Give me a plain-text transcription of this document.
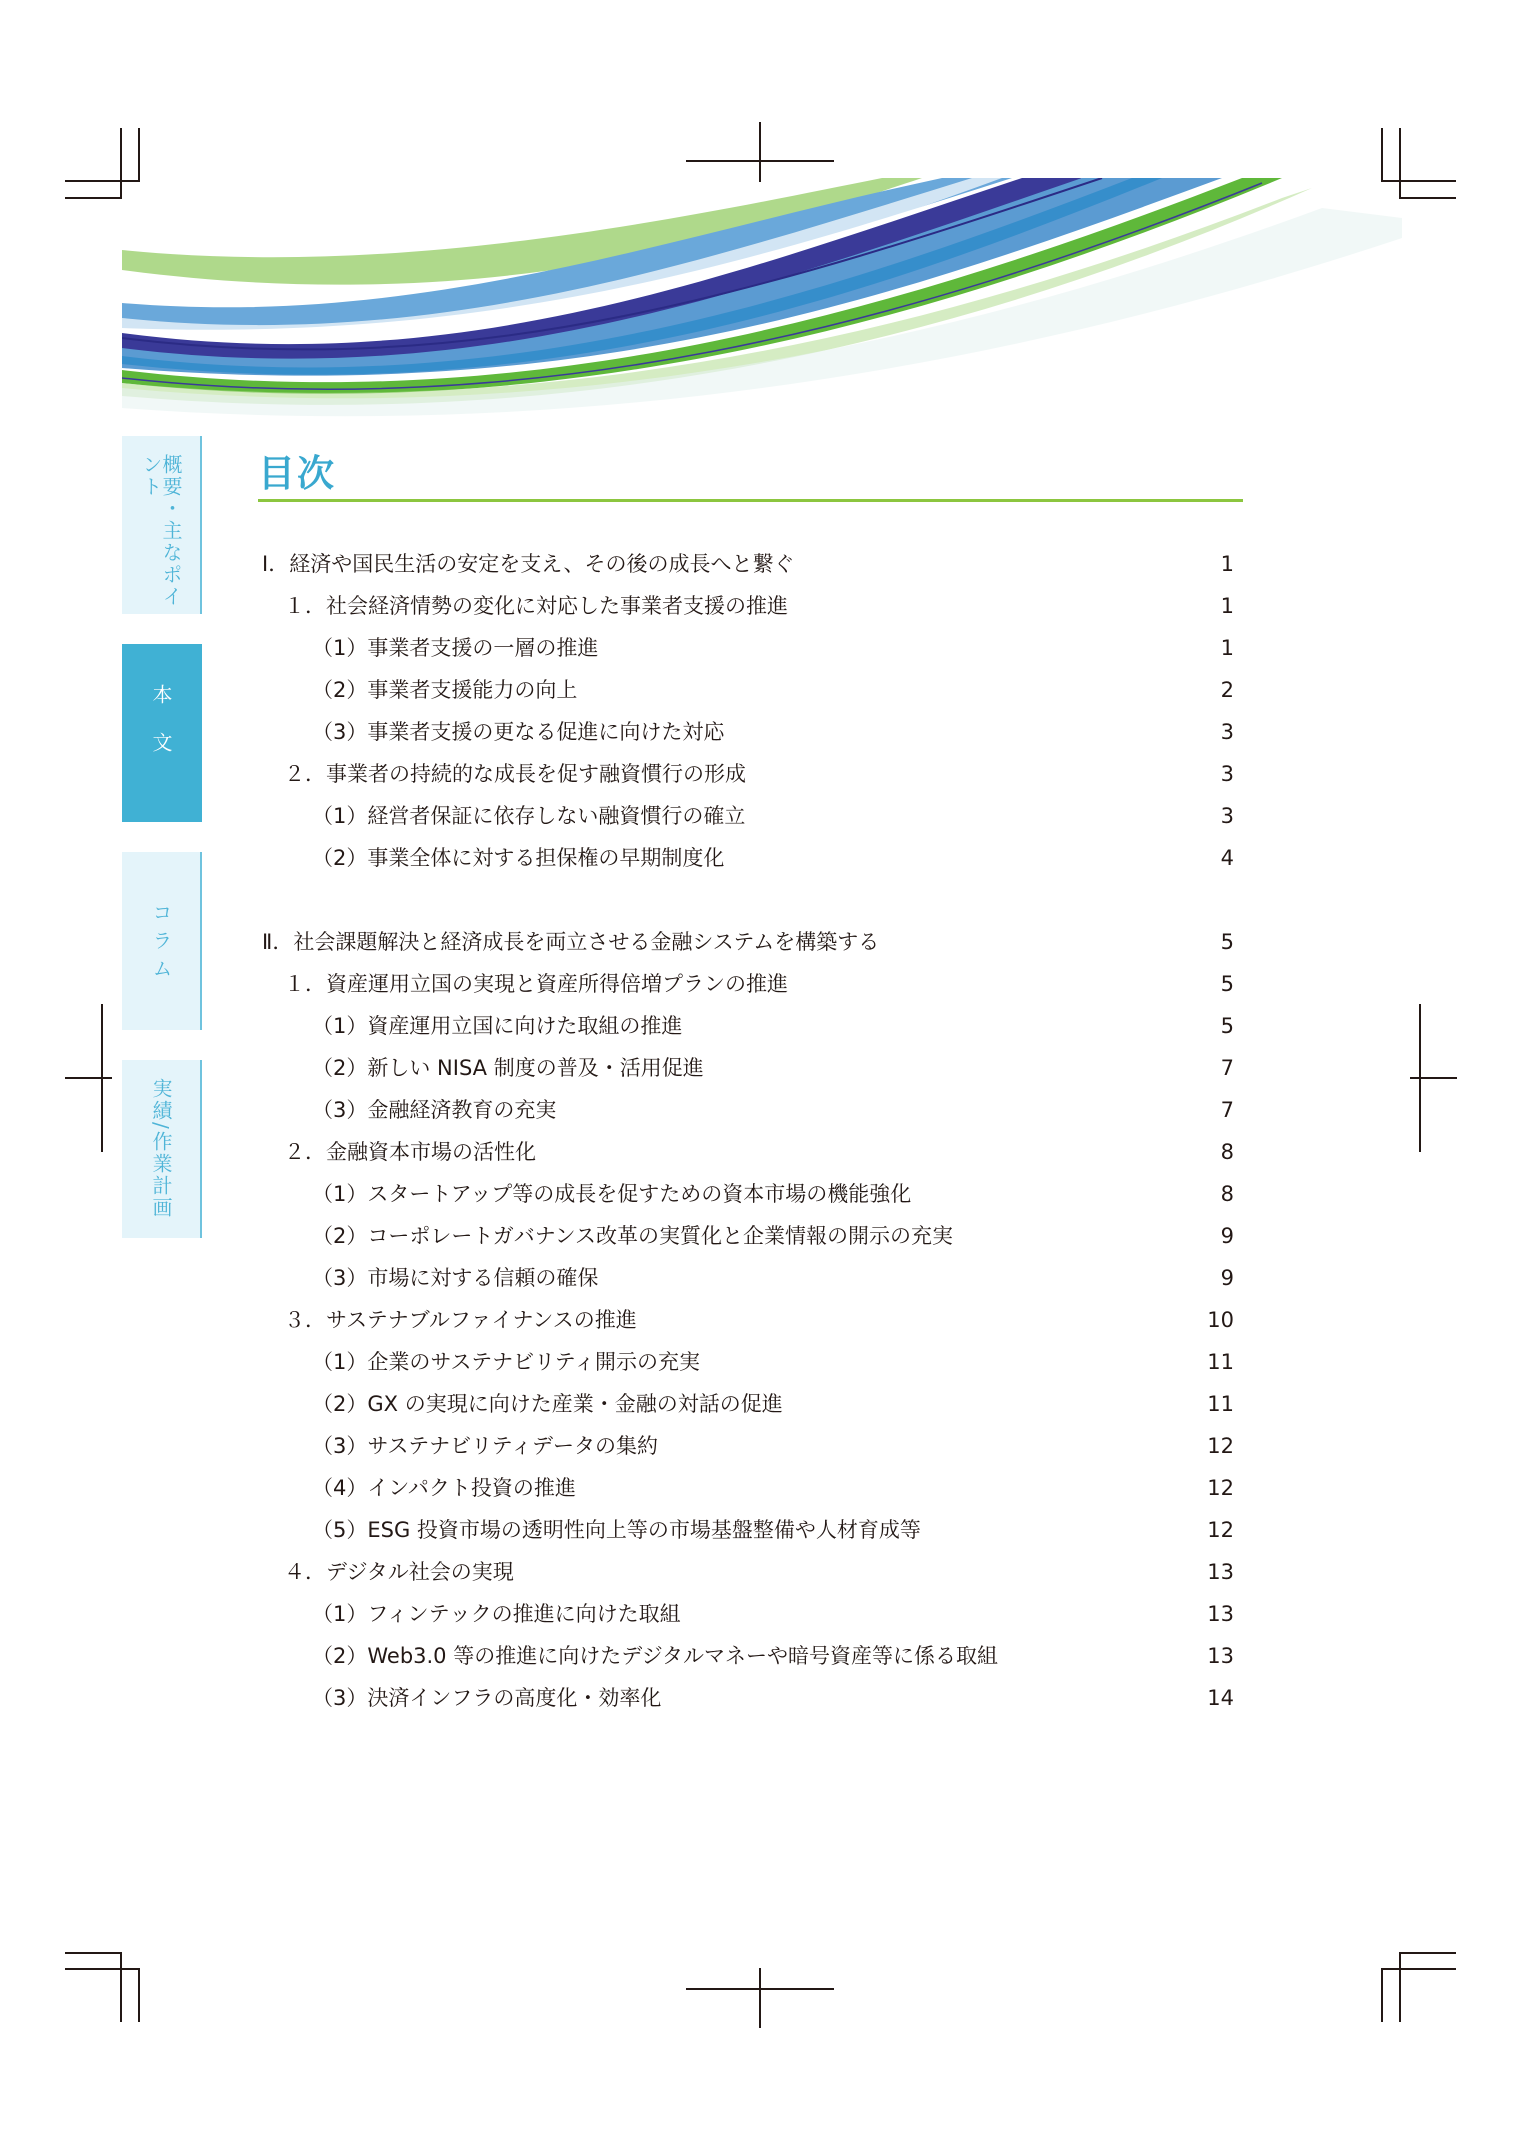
概要・主なポイント
本文
コラム
実績/作業計画
目次
Ⅰ．経済や国民生活の安定を支え、その後の成長へと繋ぐ	1
１．社会経済情勢の変化に対応した事業者支援の推進	1
（1）事業者支援の一層の推進	1
（2）事業者支援能力の向上	2
（3）事業者支援の更なる促進に向けた対応	3
２．事業者の持続的な成長を促す融資慣行の形成	3
（1）経営者保証に依存しない融資慣行の確立	3
（2）事業全体に対する担保権の早期制度化	4
Ⅱ．社会課題解決と経済成長を両立させる金融システムを構築する	5
１．資産運用立国の実現と資産所得倍増プランの推進	5
（1）資産運用立国に向けた取組の推進	5
（2）新しい NISA 制度の普及・活用促進	7
（3）金融経済教育の充実	7
２．金融資本市場の活性化	8
（1）スタートアップ等の成長を促すための資本市場の機能強化	8
（2）コーポレートガバナンス改革の実質化と企業情報の開示の充実	9
（3）市場に対する信頼の確保	9
３．サステナブルファイナンスの推進	10
（1）企業のサステナビリティ開示の充実	11
（2）GX の実現に向けた産業・金融の対話の促進	11
（3）サステナビリティデータの集約	12
（4）インパクト投資の推進	12
（5）ESG 投資市場の透明性向上等の市場基盤整備や人材育成等	12
４．デジタル社会の実現	13
（1）フィンテックの推進に向けた取組	13
（2）Web3.0 等の推進に向けたデジタルマネーや暗号資産等に係る取組	13
（3）決済インフラの高度化・効率化	14
